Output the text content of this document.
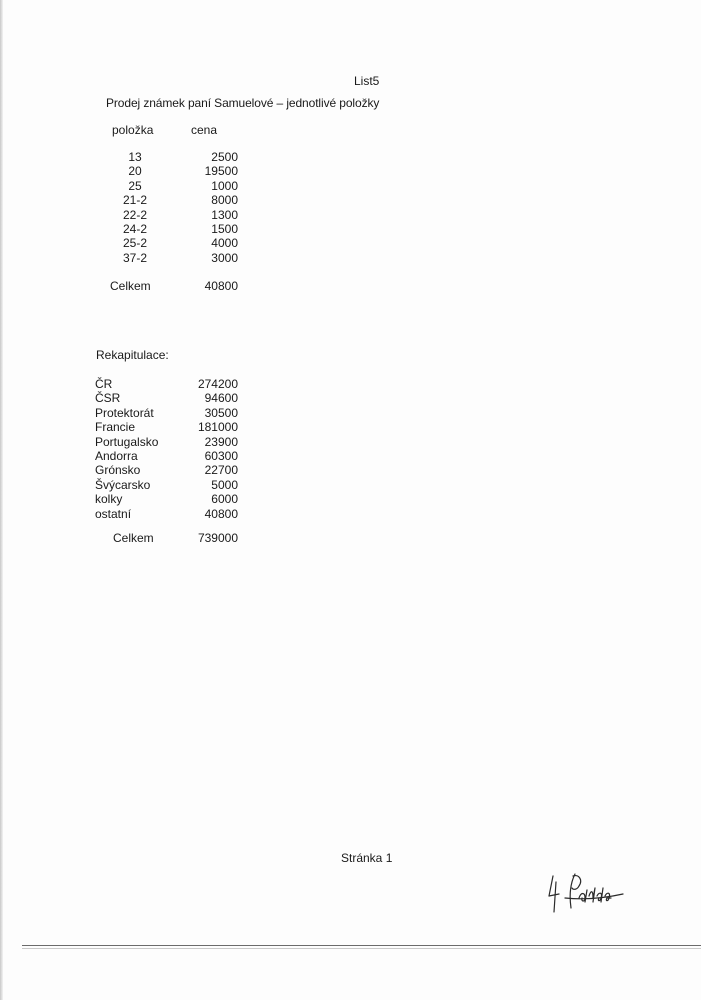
List5
Prodej známek paní Samuelové – jednotlivé položky
položka	cena
13	2500
20	19500
25	1000
21-2	8000
22-2	1300
24-2	1500
25-2	4000
37-2	3000
Celkem	40800
Rekapitulace:
ČR	274200
ČSR	94600
Protektorát	30500
Francie	181000
Portugalsko	23900
Andorra	60300
Grónsko	22700
Švýcarsko	5000
kolky	6000
ostatní	40800
Celkem	739000
Stránka 1
